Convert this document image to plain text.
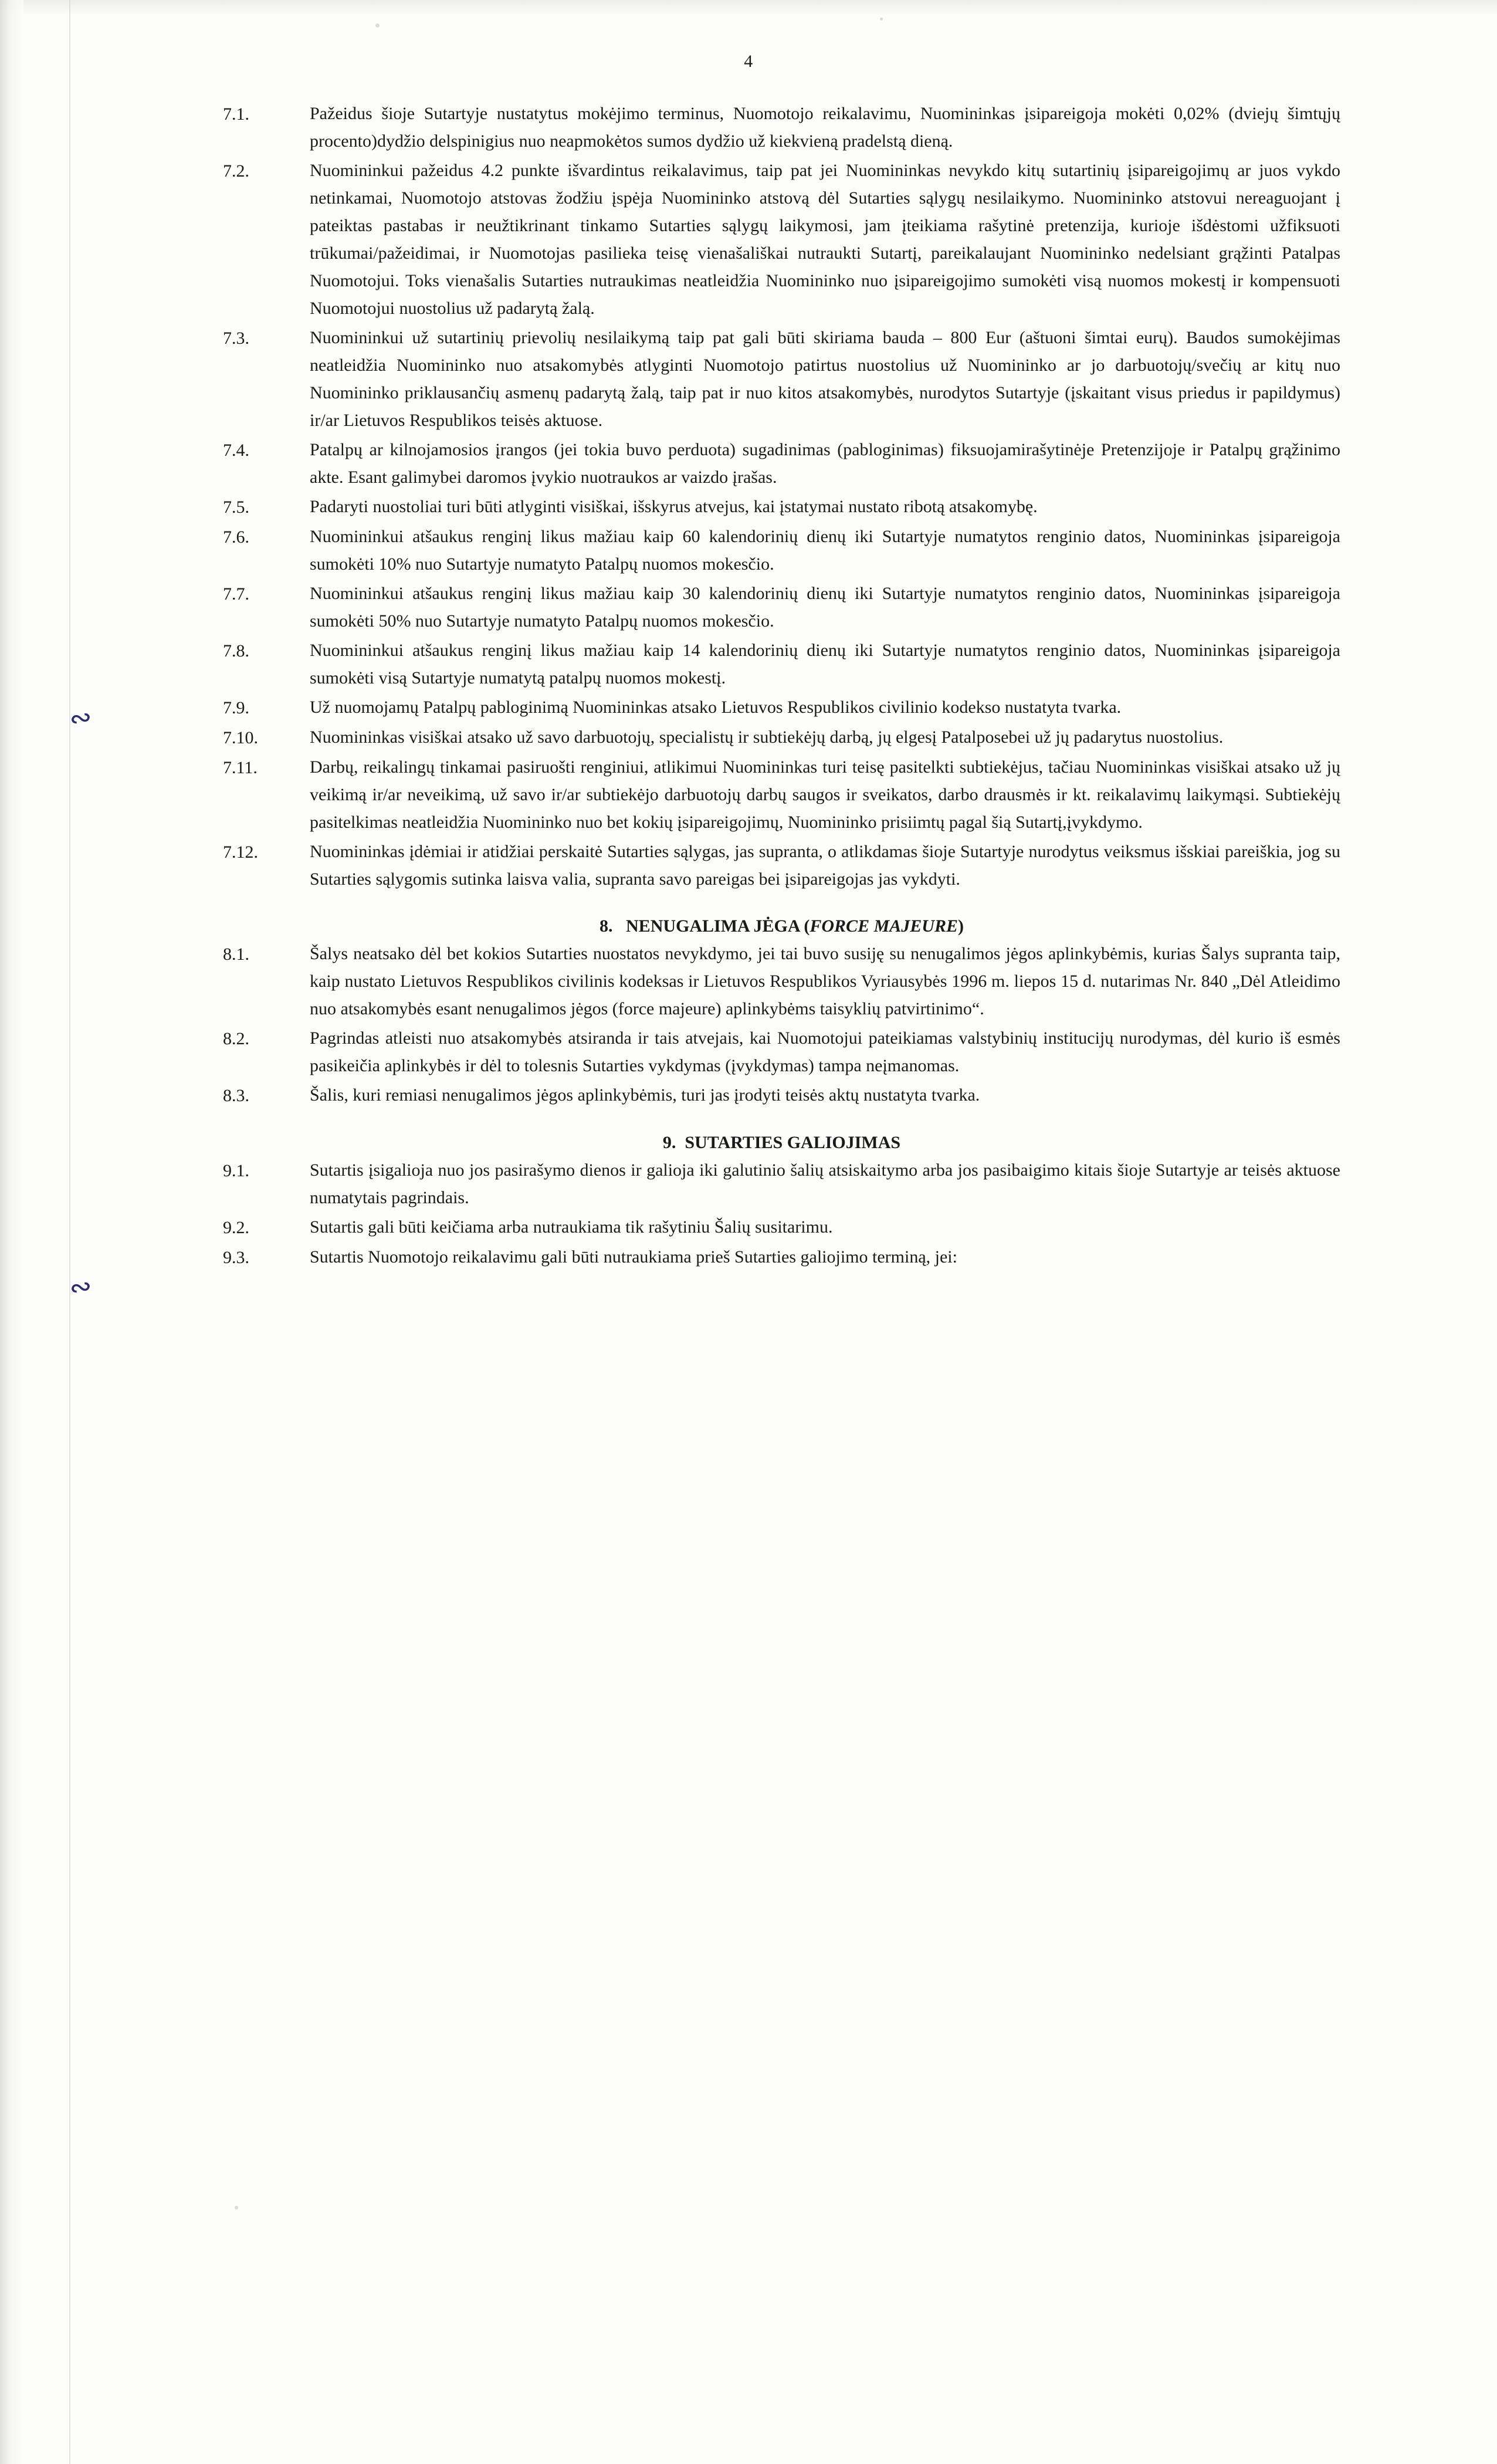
∾
∾
4
7.1.	Pažeidus šioje Sutartyje nustatytus mokėjimo terminus, Nuomotojo reikalavimu, Nuomininkas įsipareigoja mokėti 0,02% (dviejų šimtųjų procento)dydžio delspinigius nuo neapmokėtos sumos dydžio už kiekvieną pradelstą dieną.
7.2.	Nuomininkui pažeidus 4.2 punkte išvardintus reikalavimus, taip pat jei Nuomininkas nevykdo kitų sutartinių įsipareigojimų ar juos vykdo netinkamai, Nuomotojo atstovas žodžiu įspėja Nuomininko atstovą dėl Sutarties sąlygų nesilaikymo. Nuomininko atstovui nereaguojant į pateiktas pastabas ir neužtikrinant tinkamo Sutarties sąlygų laikymosi, jam įteikiama rašytinė pretenzija, kurioje išdėstomi užfiksuoti trūkumai/pažeidimai, ir Nuomotojas pasilieka teisę vienašališkai nutraukti Sutartį, pareikalaujant Nuomininko nedelsiant grąžinti Patalpas Nuomotojui. Toks vienašalis Sutarties nutraukimas neatleidžia Nuomininko nuo įsipareigojimo sumokėti visą nuomos mokestį ir kompensuoti Nuomotojui nuostolius už padarytą žalą.
7.3.	Nuomininkui už sutartinių prievolių nesilaikymą taip pat gali būti skiriama bauda – 800 Eur (aštuoni šimtai eurų). Baudos sumokėjimas neatleidžia Nuomininko nuo atsakomybės atlyginti Nuomotojo patirtus nuostolius už Nuomininko ar jo darbuotojų/svečių ar kitų nuo Nuomininko priklausančių asmenų padarytą žalą, taip pat ir nuo kitos atsakomybės, nurodytos Sutartyje (įskaitant visus priedus ir papildymus) ir/ar Lietuvos Respublikos teisės aktuose.
7.4.	Patalpų ar kilnojamosios įrangos (jei tokia buvo perduota) sugadinimas (pabloginimas) fiksuojamirašytinėje Pretenzijoje ir Patalpų grąžinimo akte. Esant galimybei daromos įvykio nuotraukos ar vaizdo įrašas.
7.5.	Padaryti nuostoliai turi būti atlyginti visiškai, išskyrus atvejus, kai įstatymai nustato ribotą atsakomybę.
7.6.	Nuomininkui atšaukus renginį likus mažiau kaip 60 kalendorinių dienų iki Sutartyje numatytos renginio datos, Nuomininkas įsipareigoja sumokėti 10% nuo Sutartyje numatyto Patalpų nuomos mokesčio.
7.7.	Nuomininkui atšaukus renginį likus mažiau kaip 30 kalendorinių dienų iki Sutartyje numatytos renginio datos, Nuomininkas įsipareigoja sumokėti 50% nuo Sutartyje numatyto Patalpų nuomos mokesčio.
7.8.	Nuomininkui atšaukus renginį likus mažiau kaip 14 kalendorinių dienų iki Sutartyje numatytos renginio datos, Nuomininkas įsipareigoja sumokėti visą Sutartyje numatytą patalpų nuomos mokestį.
7.9.	Už nuomojamų Patalpų pabloginimą Nuomininkas atsako Lietuvos Respublikos civilinio kodekso nustatyta tvarka.
7.10.	Nuomininkas visiškai atsako už savo darbuotojų, specialistų ir subtiekėjų darbą, jų elgesį Patalposebei už jų padarytus nuostolius.
7.11.	Darbų, reikalingų tinkamai pasiruošti renginiui, atlikimui Nuomininkas turi teisę pasitelkti subtiekėjus, tačiau Nuomininkas visiškai atsako už jų veikimą ir/ar neveikimą, už savo ir/ar subtiekėjo darbuotojų darbų saugos ir sveikatos, darbo drausmės ir kt. reikalavimų laikymąsi. Subtiekėjų pasitelkimas neatleidžia Nuomininko nuo bet kokių įsipareigojimų, Nuomininko prisiimtų pagal šią Sutartį,įvykdymo.
7.12.	Nuomininkas įdėmiai ir atidžiai perskaitė Sutarties sąlygas, jas supranta, o atlikdamas šioje Sutartyje nurodytus veiksmus išskiai pareiškia, jog su Sutarties sąlygomis sutinka laisva valia, supranta savo pareigas bei įsipareigojas jas vykdyti.
8. NENUGALIMA JĖGA (FORCE MAJEURE)
8.1.	Šalys neatsako dėl bet kokios Sutarties nuostatos nevykdymo, jei tai buvo susiję su nenugalimos jėgos aplinkybėmis, kurias Šalys supranta taip, kaip nustato Lietuvos Respublikos civilinis kodeksas ir Lietuvos Respublikos Vyriausybės 1996 m. liepos 15 d. nutarimas Nr. 840 „Dėl Atleidimo nuo atsakomybės esant nenugalimos jėgos (force majeure) aplinkybėms taisyklių patvirtinimo“.
8.2.	Pagrindas atleisti nuo atsakomybės atsiranda ir tais atvejais, kai Nuomotojui pateikiamas valstybinių institucijų nurodymas, dėl kurio iš esmės pasikeičia aplinkybės ir dėl to tolesnis Sutarties vykdymas (įvykdymas) tampa neįmanomas.
8.3.	Šalis, kuri remiasi nenugalimos jėgos aplinkybėmis, turi jas įrodyti teisės aktų nustatyta tvarka.
9. SUTARTIES GALIOJIMAS
9.1.	Sutartis įsigalioja nuo jos pasirašymo dienos ir galioja iki galutinio šalių atsiskaitymo arba jos pasibaigimo kitais šioje Sutartyje ar teisės aktuose numatytais pagrindais.
9.2.	Sutartis gali būti keičiama arba nutraukiama tik rašytiniu Šalių susitarimu.
9.3.	Sutartis Nuomotojo reikalavimu gali būti nutraukiama prieš Sutarties galiojimo terminą, jei:
